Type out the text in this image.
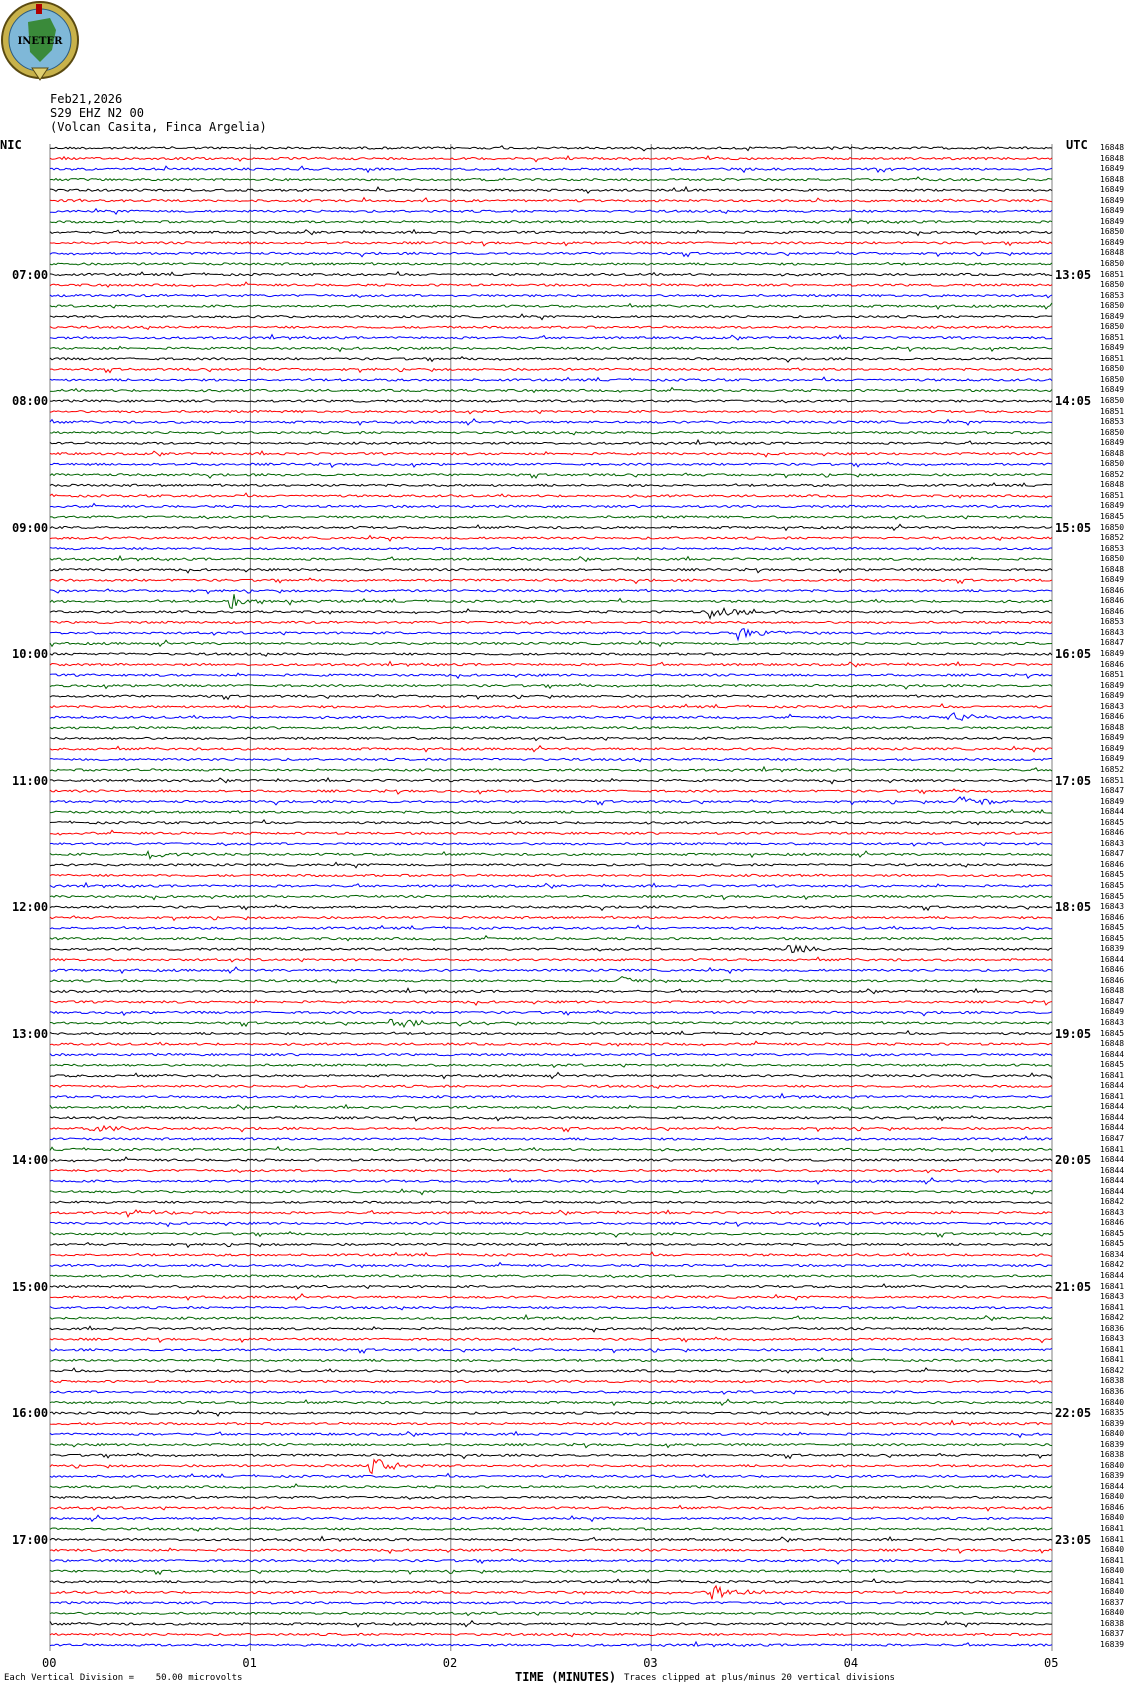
INETER
Feb21,2026
S29 EHZ N2 00
(Volcan Casita, Finca Argelia)
NIC	UTC
07:00
08:00
09:00
10:00
11:00
12:00
13:00
14:00
15:00
16:00
17:00
13:05
14:05
15:05
16:05
17:05
18:05
19:05
20:05
21:05
22:05
23:05
16848
16848
16849
16848
16849
16849
16849
16849
16850
16849
16848
16850
16851
16850
16853
16850
16849
16850
16851
16849
16851
16850
16850
16849
16850
16851
16853
16850
16849
16848
16850
16852
16848
16851
16849
16845
16850
16852
16853
16850
16848
16849
16846
16846
16846
16853
16843
16847
16849
16846
16851
16849
16849
16843
16846
16848
16849
16849
16849
16852
16851
16847
16849
16844
16845
16846
16843
16847
16846
16845
16845
16845
16843
16846
16845
16845
16839
16844
16846
16846
16848
16847
16849
16843
16845
16848
16844
16845
16841
16844
16841
16844
16844
16844
16847
16841
16844
16844
16844
16844
16842
16843
16846
16845
16845
16834
16842
16844
16841
16843
16841
16842
16836
16843
16841
16841
16842
16838
16836
16840
16835
16839
16840
16839
16838
16840
16839
16844
16840
16846
16840
16841
16841
16840
16841
16840
16841
16840
16837
16840
16838
16837
16839
00	01	02	03	04	05
Each Vertical Division =    50.00 microvolts	TIME (MINUTES) Traces clipped at plus/minus 20 vertical divisions
